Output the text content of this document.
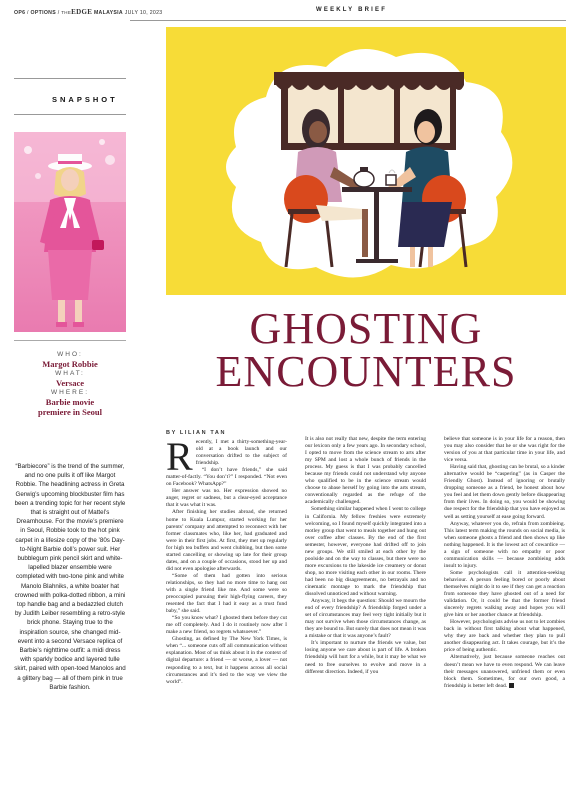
OP6 / OPTIONS / THEEDGE MALAYSIA JULY 10, 2023	WEEKLY BRIEF
SNAPSHOT
WHO:
Margot Robbie
WHAT:
Versace
WHERE:
Barbie movie premiere in Seoul
“Barbiecore” is the trend of the summer, and no one pulls it off like Margot Robbie. The headlining actress in Greta Gerwig’s upcoming blockbuster film has been a trending topic for her recent style that is straight out of Mattel’s Dreamhouse. For the movie’s premiere in Seoul, Robbie took to the hot pink carpet in a lifesize copy of the ’80s Day-to-Night Barbie doll’s power suit. Her bubblegum pink pencil skirt and white-lapelled blazer ensemble were completed with two-tone pink and white Manolo Blahniks, a white boater hat crowned with polka-dotted ribbon, a mini top handle bag and a bedazzled clutch by Judith Leiber resembling a retro-style brick phone. Staying true to the inspiration source, she changed mid-event into a second Versace replica of Barbie’s nighttime outfit: a midi dress with sparkly bodice and layered tulle skirt, paired with open-toed Manolos and a glittery bag — all of them pink in true Barbie fashion.
GHOSTING
ENCOUNTERS
BY LILIAN TAN

Recently, I met a thirty-something-year-old at a book launch and our conversation drifted to the subject of friendship.

“I don’t have friends,” she said matter-of-factly. “You don’t?” I responded. “Not even on Facebook? WhatsApp?”

Her answer was no. Her expression showed no anger, regret or sadness, but a clear-eyed acceptance that it was what it was.

After finishing her studies abroad, she returned home to Kuala Lumpur, started working for her parents’ company and attempted to reconnect with her former classmates who, like her, had graduated and were in their first jobs. At first, they met up regularly for high tea buffets and went clubbing, but then some started cancelling or showing up late for their group dates, and on a couple of occasions, stood her up and did not even apologise afterwards.

“Some of them had gotten into serious relationships, so they had no more time to hang out with a single friend like me. And some were so preoccupied pursuing their high-flying careers, they resented the fact that I had it easy as a trust fund baby,” she said.

“So you know what? I ghosted them before they cut me off completely. And I do it routinely now after I make a new friend, no regrets whatsoever.”

Ghosting, as defined by The New York Times, is when “... someone cuts off all communication without explanation. Most of us think about it in the context of digital departure: a friend — or worse, a lover — not responding to a text, but it happens across all social circumstances and it’s tied to the way we view the world”.

It is also not really that new, despite the term entering our lexicon only a few years ago. In secondary school, I opted to move from the science stream to arts after my SPM and lost a whole bunch of friends in the process. My guess is that I was probably cancelled because my friends could not understand why anyone who qualified to be in the science stream would choose to abase herself by going into the arts stream, conventionally regarded as the refuge of the academically challenged.

Something similar happened when I went to college in California. My fellow freshies were extremely welcoming, so I found myself quickly integrated into a motley group that went to meals together and hung out over coffee after classes. By the end of the first semester, however, everyone had drifted off to join new groups. We still smiled at each other by the poolside and on the way to classes, but there were no more excursions to the lakeside ice creamery or donut shop, no more visiting each other in our rooms. There had been no big disagreements, no betrayals and no cinematic montage to mark the friendship that dissolved unnoticed and without warning.

Anyway, it begs the question: Should we mourn the end of every friendship? A friendship forged under a set of circumstances may feel very tight initially but it may not survive when those circumstances change, as they are bound to. But surely that does not mean it was a mistake or that it was anyone’s fault?

It’s important to nurture the friends we value, but losing anyone we care about is part of life. A broken friendship will hurt for a while, but it may be what we need to free ourselves to evolve and move in a different direction. Indeed, if you

believe that someone is in your life for a reason, then you may also consider that he or she was right for the version of you at that particular time in your life, and vice versa.

Having said that, ghosting can be brutal, so a kinder alternative would be “caspering” (as in Casper the Friendly Ghost). Instead of ignoring or brutally dropping someone as a friend, be honest about how you feel and let them down gently before disappearing from their lives. In doing so, you would be showing due respect for the friendship that you have enjoyed as well as setting yourself at ease going forward.

Anyway, whatever you do, refrain from zombieing. This latest term making the rounds on social media, is when someone ghosts a friend and then shows up like nothing happened. It is the lowest act of cowardice — a sign of someone with no empathy or poor communication skills — because zombieing adds insult to injury.

Some psychologists call it attention-seeking behaviour. A person feeling bored or poorly about themselves might do it to see if they can get a reaction from someone they have ghosted out of a need for validation. Or, it could be that the former friend sincerely regrets walking away and hopes you will give him or her another chance at friendship.

However, psychologists advise us not to let zombies back in without first talking about what happened, why they are back and whether they plan to pull another disappearing act. It takes courage, but it’s the price of being authentic.

Alternatively, just because someone reaches out doesn’t mean we have to even respond. We can leave their messages unanswered, unfriend them or even block them. Sometimes, for our own good, a friendship is better left dead.
